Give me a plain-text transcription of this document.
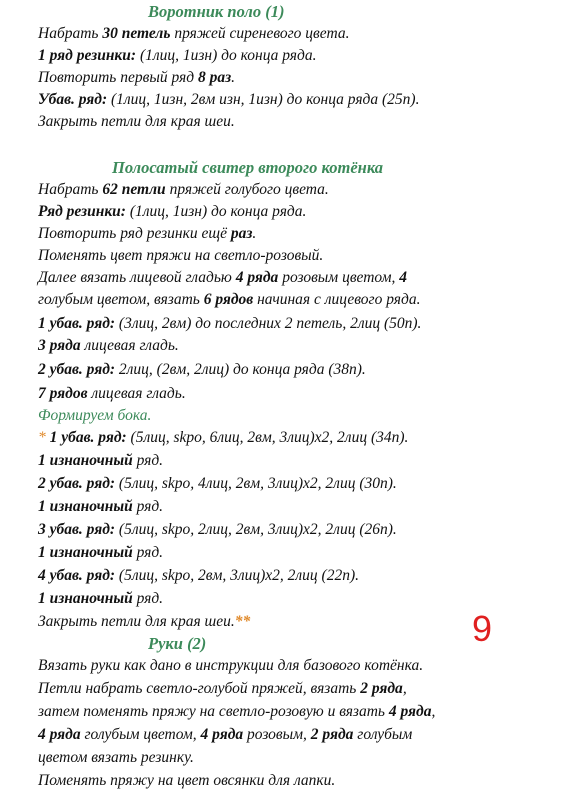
Воротник поло (1)
Набрать 30 петель пряжей сиреневого цвета.
1 ряд резинки: (1лиц, 1изн) до конца ряда.
Повторить первый ряд 8 раз.
Убав. ряд: (1лиц, 1изн, 2вм изн, 1изн) до конца ряда (25п).
Закрыть петли для края шеи.
Полосатый свитер второго котёнка
Набрать 62 петли пряжей голубого цвета.
Ряд резинки: (1лиц, 1изн) до конца ряда.
Повторить ряд резинки ещё раз.
Поменять цвет пряжи на светло-розовый.
Далее вязать лицевой гладью 4 ряда розовым цветом, 4
голубым цветом, вязать 6 рядов начиная с лицевого ряда.
1 убав. ряд: (3лиц, 2вм) до последних 2 петель, 2лиц (50п).
3 ряда лицевая гладь.
2 убав. ряд: 2лиц, (2вм, 2лиц) до конца ряда (38п).
7 рядов лицевая гладь.
Формируем бока.
* 1 убав. ряд: (5лиц, skpo, 6лиц, 2вм, 3лиц)х2, 2лиц (34п).
1 изнаночный ряд.
2 убав. ряд: (5лиц, skpo, 4лиц, 2вм, 3лиц)х2, 2лиц (30п).
1 изнаночный ряд.
3 убав. ряд: (5лиц, skpo, 2лиц, 2вм, 3лиц)х2, 2лиц (26п).
1 изнаночный ряд.
4 убав. ряд: (5лиц, skpo, 2вм, 3лиц)х2, 2лиц (22п).
1 изнаночный ряд.
Закрыть петли для края шеи.**	9
Руки (2)
Вязать руки как дано в инструкции для базового котёнка.
Петли набрать светло-голубой пряжей, вязать 2 ряда,
затем поменять пряжу на светло-розовую и вязать 4 ряда,
4 ряда голубым цветом, 4 ряда розовым, 2 ряда голубым
цветом вязать резинку.
Поменять пряжу на цвет овсянки для лапки.
